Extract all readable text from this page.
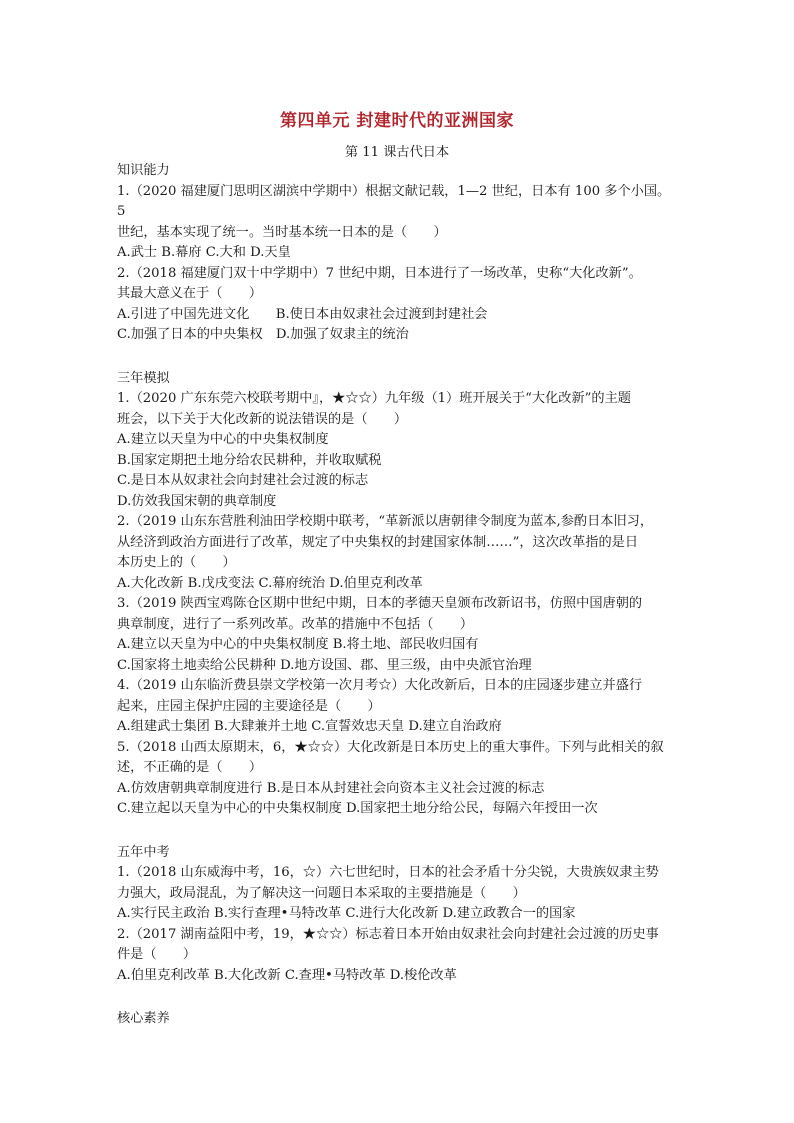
第四单元 封建时代的亚洲国家
第 11 课古代日本
知识能力
1.（2020 福建厦门思明区湖滨中学期中）根据文献记载，1—2 世纪，日本有 100 多个小国。5
世纪，基本实现了统一。当时基本统一日本的是（　　）
A.武士 B.幕府 C.大和 D.天皇
2.（2018 福建厦门双十中学期中）7 世纪中期，日本进行了一场改革，史称“大化改新”。
其最大意义在于（　　）
A.引进了中国先进文化　　B.使日本由奴隶社会过渡到封建社会
C.加强了日本的中央集权　D.加强了奴隶主的统治
三年模拟
1.（2020 广东东莞六校联考期中』，★☆☆）九年级（1）班开展关于“大化改新”的主题
班会，以下关于大化改新的说法错误的是（　　）
A.建立以天皇为中心的中央集权制度
B.国家定期把土地分给农民耕种，并收取赋税
C.是日本从奴隶社会向封建社会过渡的标志
D.仿效我国宋朝的典章制度
2.（2019 山东东营胜利油田学校期中联考，“革新派以唐朝律令制度为蓝本,参酌日本旧习，
从经济到政治方面进行了改革，规定了中央集权的封建国家体制……”，这次改革指的是日
本历史上的（　　）
A.大化改新 B.戊戌变法 C.幕府统治 D.伯里克利改革
3.（2019 陕西宝鸡陈仓区期中世纪中期，日本的孝德天皇颁布改新诏书，仿照中国唐朝的
典章制度，进行了一系列改革。改革的措施中不包括（　　）
A.建立以天皇为中心的中央集权制度 B.将土地、部民收归国有
C.国家将土地卖给公民耕种 D.地方设国、郡、里三级，由中央派官治理
4.（2019 山东临沂费县崇文学校第一次月考☆）大化改新后，日本的庄园逐步建立并盛行
起来，庄园主保护庄园的主要途径是（　　）
A.组建武士集团 B.大肆兼并土地 C.宣誓效忠天皇 D.建立自治政府
5.（2018 山西太原期末，6，★☆☆）大化改新是日本历史上的重大事件。下列与此相关的叙
述，不正确的是（　　）
A.仿效唐朝典章制度进行 B.是日本从封建社会向资本主义社会过渡的标志
C.建立起以天皇为中心的中央集权制度 D.国家把土地分给公民，每隔六年授田一次
五年中考
1.（2018 山东威海中考，16，☆）六七世纪时，日本的社会矛盾十分尖锐，大贵族奴隶主势
力强大，政局混乱，为了解决这一问题日本采取的主要措施是（　　）
A.实行民主政治 B.实行查理•马特改革 C.进行大化改新 D.建立政教合一的国家
2.（2017 湖南益阳中考，19，★☆☆）标志着日本开始由奴隶社会向封建社会过渡的历史事
件是（　　）
A.伯里克利改革 B.大化改新 C.查理•马特改革 D.梭伦改革
核心素养
